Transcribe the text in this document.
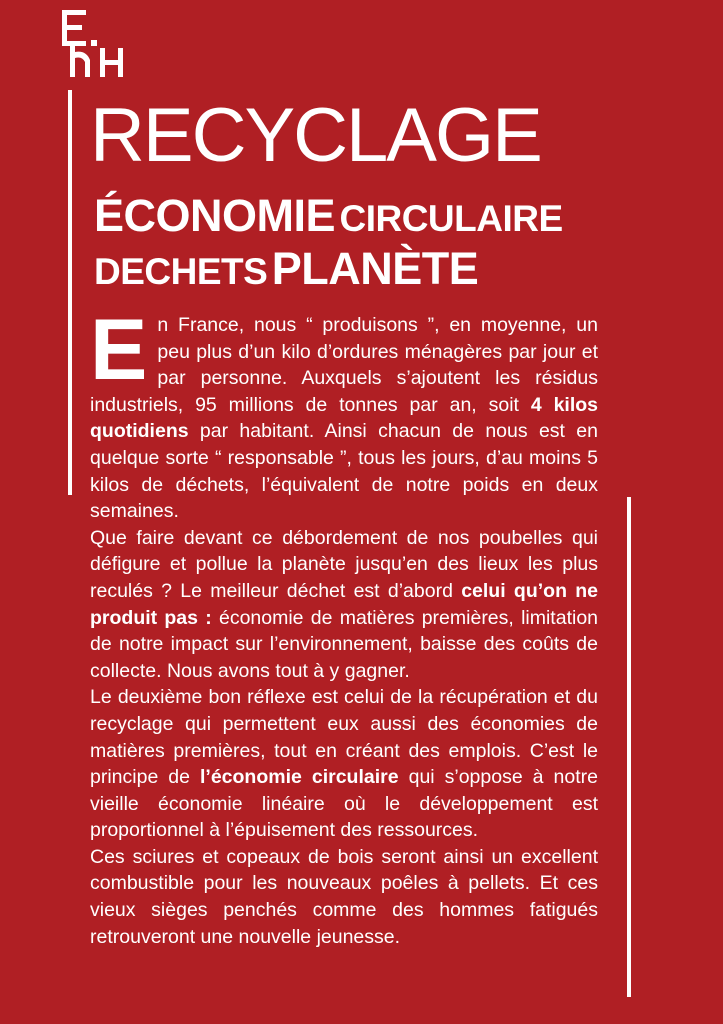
RECYCLAGE
ÉCONOMIE CIRCULAIRE
DECHETS PLANÈTE

En France, nous “ produisons ”, en moyenne, un peu plus d’un kilo d’ordures ménagères par jour et par personne. Auxquels s’ajoutent les résidus industriels, 95 millions de tonnes par an, soit 4 kilos quotidiens par habitant. Ainsi chacun de nous est en quelque sorte “ responsable ”, tous les jours, d’au moins 5 kilos de déchets, l’équivalent de notre poids en deux semaines.

Que faire devant ce débordement de nos poubelles qui défigure et pollue la planète jusqu’en des lieux les plus reculés ? Le meilleur déchet est d’abord celui qu’on ne produit pas : économie de matières premières, limitation de notre impact sur l’environnement, baisse des coûts de collecte. Nous avons tout à y gagner.

Le deuxième bon réflexe est celui de la récupération et du recyclage qui permettent eux aussi des économies de matières premières, tout en créant des emplois. C’est le principe de l’économie circulaire qui s’oppose à notre vieille économie linéaire où le développement est proportionnel à l’épuisement des ressources.

Ces sciures et copeaux de bois seront ainsi un excellent combustible pour les nouveaux poêles à pellets. Et ces vieux sièges penchés comme des hommes fatigués retrouveront une nouvelle jeunesse.
